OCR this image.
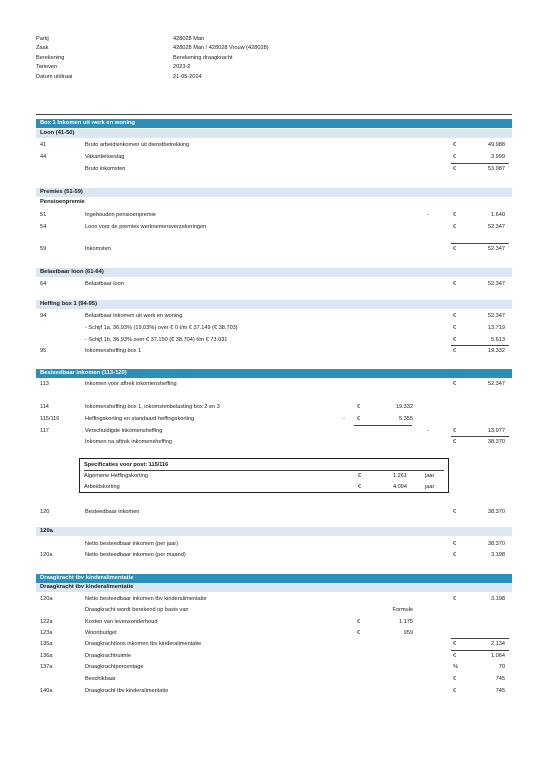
Partij	428028 Man
Zaak	428028 Man / 428028 Vrouw (428028)
Berekening	Berekening draagkracht
Tarieven	2023-2
Datum uitdraai	21-05-2024
Box 1 Inkomen uit werk en woning
Loon (41-50)
41	Bruto arbeidsinkomen uit dienstbetrekking	€	49.988
44	Vakantietoeslag	€	3.999
Bruto inkomsten	€	53.987
Premies (51-59)
Pensioenpremie
51	Ingehouden pensioenpremie	-	€	1.640
54	Loon voor de premies werknemersverzekeringen	€	52.347
59	Inkomsten	€	52.347
Belastbaar loon (61-64)
64	Belastbaar loon	€	52.347
Heffing box 1 (94-95)
94	Belastbaar inkomen uit werk en woning	€	52.347
- Schijf 1a, 36,93% (19,03%) over € 0 t/m € 37.149 (€ 38.703)	€	13.719
- Schijf 1b, 36,93% over € 37.150 (€ 38.704) t/m € 73.031	€	5.613
95	Inkomensheffing box 1	€	19.332
Besteedbaar inkomen (113-120)
113	Inkomen voor aftrek inkomensheffing	€	52.347
114	Inkomensheffing box 1, inkomstenbelasting box 2 en 3	€	19.332
115/116	Heffingskorting en standaard heffingskorting	- €	5.355
117	Verschuldigde inkomensheffing	-	€	13.977
Inkomen na aftrek inkomensheffing	€	38.370
120	Besteedbaar inkomen	€	38.370
120a
Netto besteedbaar inkomen (per jaar)	€	38.370
120a	Netto besteedbaar inkomen (per maand)	€	3.198
Draagkracht tbv kinderalimentatie
Draagkracht tbv kinderalimentatie
120a	Netto besteedbaar inkomen tbv kinderalimentatie	€	3.198
Draagkracht wordt berekend op basis van	Formule
122a	Kosten van levensonderhoud	€	1.175
123a	Woonbudget	€	959
135a	Draagkrachtloos inkomen tbv kinderalimentatie	€	2.134
136a	Draagkrachtruimte	€	1.064
137a	Draagkrachtpercentage	%	70
Beschikbaar	€	745
140a	Draagkracht tbv kinderalimentatie	€	745
Specificaties voor post: 115/116
Algemene Heffingskorting	€	1.261	jaar
Arbeidskorting	€	4.094	jaar
